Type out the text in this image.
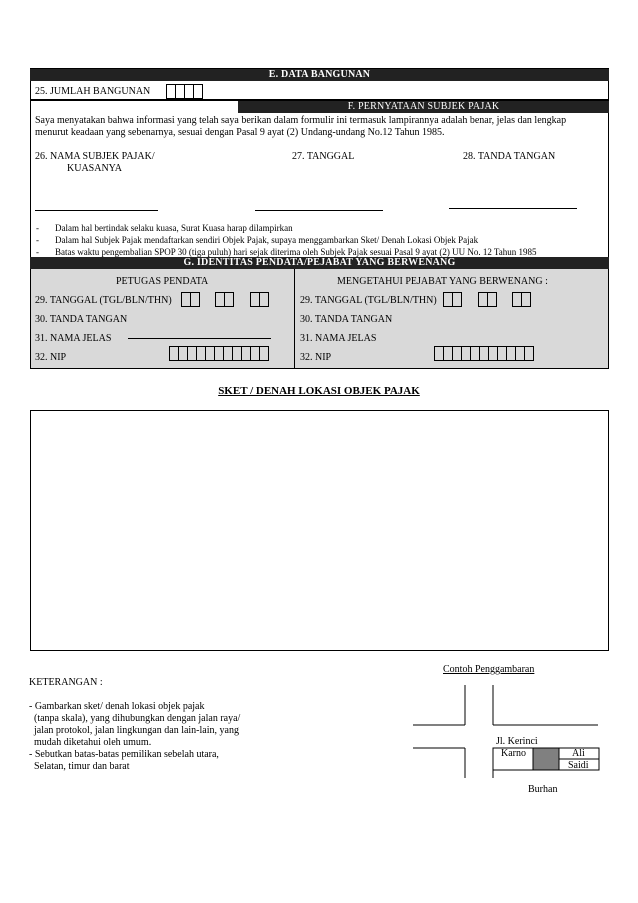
E. DATA BANGUNAN
25. JUMLAH BANGUNAN
F. PERNYATAAN SUBJEK PAJAK
Saya menyatakan bahwa informasi yang telah saya berikan dalam formulir ini termasuk lampirannya adalah benar, jelas dan lengkap
menurut keadaan yang sebenarnya, sesuai dengan Pasal 9 ayat (2) Undang-undang No.12 Tahun 1985.
26. NAMA SUBJEK PAJAK/
KUASANYA
27. TANGGAL	28. TANDA TANGAN
- Dalam hal bertindak selaku kuasa, Surat Kuasa harap dilampirkan
- Dalam hal Subjek Pajak mendaftarkan sendiri Objek Pajak, supaya menggambarkan Sket/ Denah Lokasi Objek Pajak
- Batas waktu pengembalian SPOP 30 (tiga puluh) hari sejak diterima oleh Subjek Pajak sesuai Pasal 9 ayat (2) UU No. 12 Tahun 1985
G. IDENTITAS PENDATA/PEJABAT YANG BERWENANG
PETUGAS PENDATA
29. TANGGAL (TGL/BLN/THN)
30. TANDA TANGAN
31. NAMA JELAS
32. NIP
MENGETAHUI PEJABAT YANG BERWENANG :
29. TANGGAL (TGL/BLN/THN)
30. TANDA TANGAN
31. NAMA JELAS
32. NIP
SKET / DENAH LOKASI OBJEK PAJAK
KETERANGAN :
- Gambarkan sket/ denah lokasi objek pajak
(tanpa skala), yang dihubungkan dengan jalan raya/
jalan protokol, jalan lingkungan dan lain-lain, yang
mudah diketahui oleh umum.
- Sebutkan batas-batas pemilikan sebelah utara,
Selatan, timur dan barat
Contoh Penggambaran
Jl. Kerinci
Karno	Ali
Saidi
Burhan
